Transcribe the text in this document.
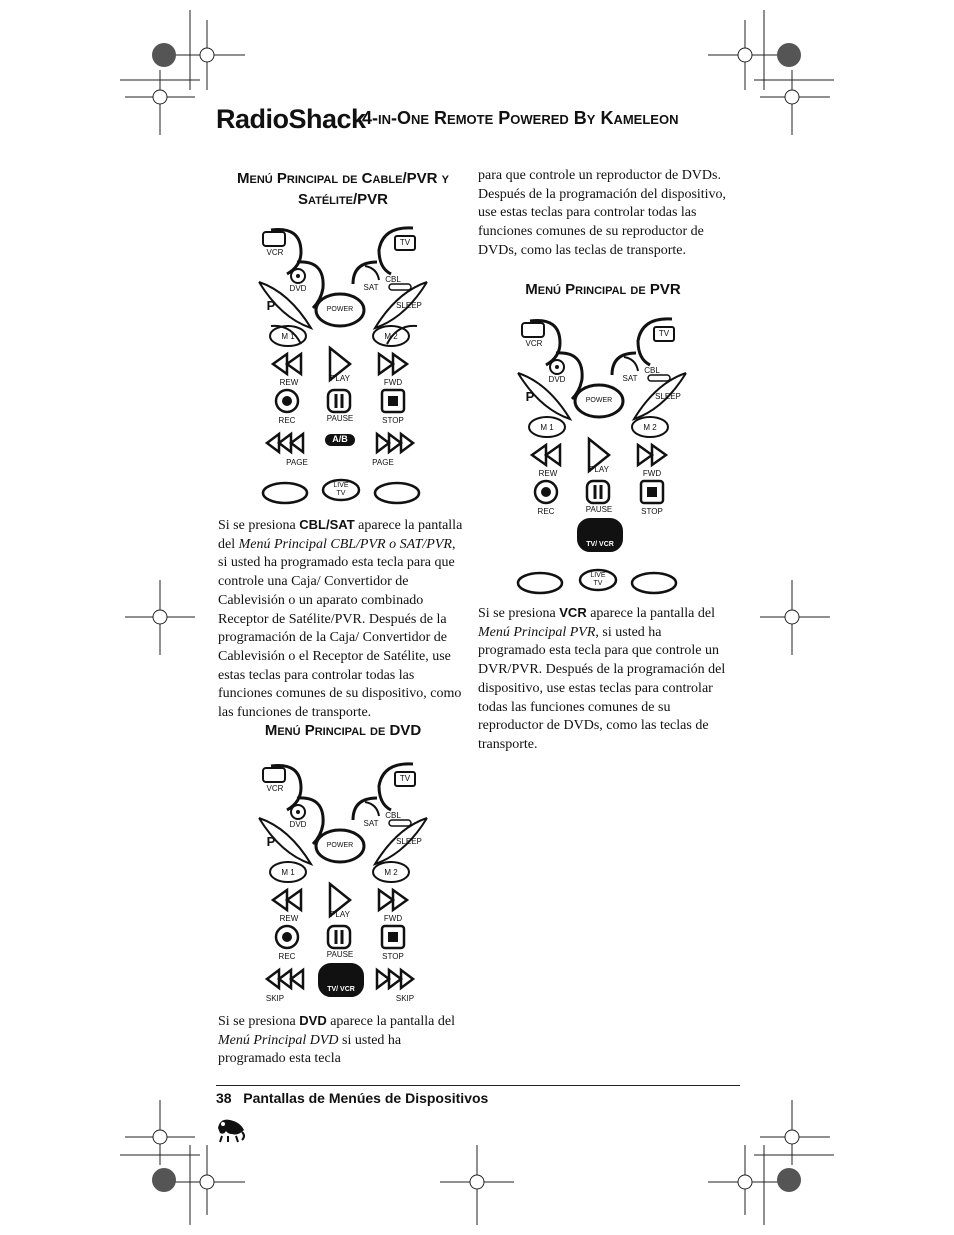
RadioShack
4-in-One Remote Powered By Kameleon
Menú Principal de Cable/PVR y
Satélite/PVR
VCR
TV
DVD
CBL
SAT
P	POWER	SLEEP
M 1	M 2
REW	PLAY	FWD
REC	PAUSE	STOP
PAGE
A/B
PAGE
LIVE
TV
Si se presiona CBL/SAT aparece la pantalla del Menú Principal CBL/PVR o SAT/PVR, si usted ha programado esta tecla para que controle una Caja/ Convertidor de Cablevisión o un aparato combinado Receptor de Satélite/PVR. Después de la programación de la Caja/ Convertidor de Cablevisión o el Receptor de Satélite, use estas teclas para controlar todas las funciones comunes de su dispositivo, como las funciones de transporte.
Menú Principal de DVD
VCR
TV
DVD
CBL
SAT
P	POWER	SLEEP
M 1	M 2
REW	PLAY	FWD
REC	PAUSE	STOP
SKIP
TV/ VCR
SKIP
Si se presiona DVD aparece la pantalla del Menú Principal DVD si usted ha programado esta tecla
para que controle un reproductor de DVDs. Después de la programación del dispositivo, use estas teclas para controlar todas las funciones comunes de su reproductor de DVDs, como las teclas de transporte.
Menú Principal de PVR
VCR
TV
DVD
CBL
SAT
P	POWER	SLEEP
M 1	M 2
REW	PLAY	FWD
REC	PAUSE	STOP
TV/ VCR
LIVE
TV
Si se presiona VCR aparece la pantalla del Menú Principal PVR, si usted ha programado esta tecla para que controle un DVR/PVR. Después de la programación del dispositivo, use estas teclas para controlar todas las funciones comunes de su reproductor de DVDs, como las teclas de transporte.
38 Pantallas de Menúes de Dispositivos
